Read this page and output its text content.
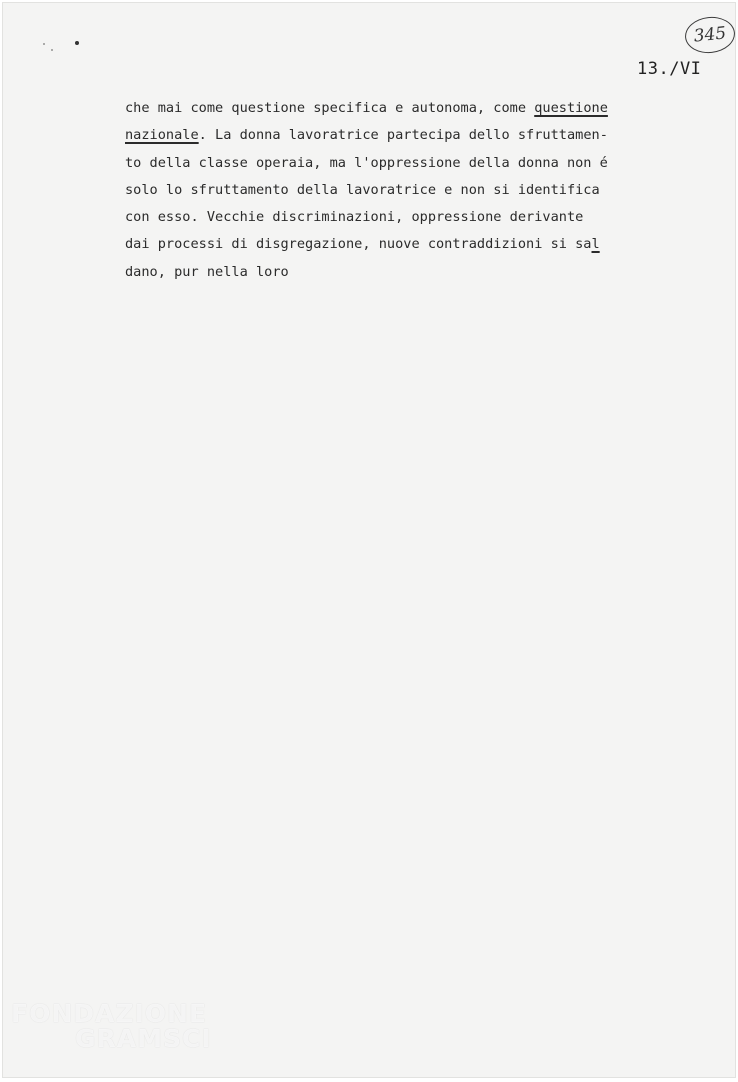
345
13./VI
che mai come questione specifica e autonoma, come questione
nazionale. La donna lavoratrice partecipa dello sfruttamen-
to della classe operaia, ma l'oppressione della donna non é
solo lo sfruttamento della lavoratrice e non si identifica
con esso. Vecchie discriminazioni, oppressione derivante
dai processi di disgregazione, nuove contraddizioni si sal
dano, pur nella loro
FONDAZIONE
GRAMSCI
